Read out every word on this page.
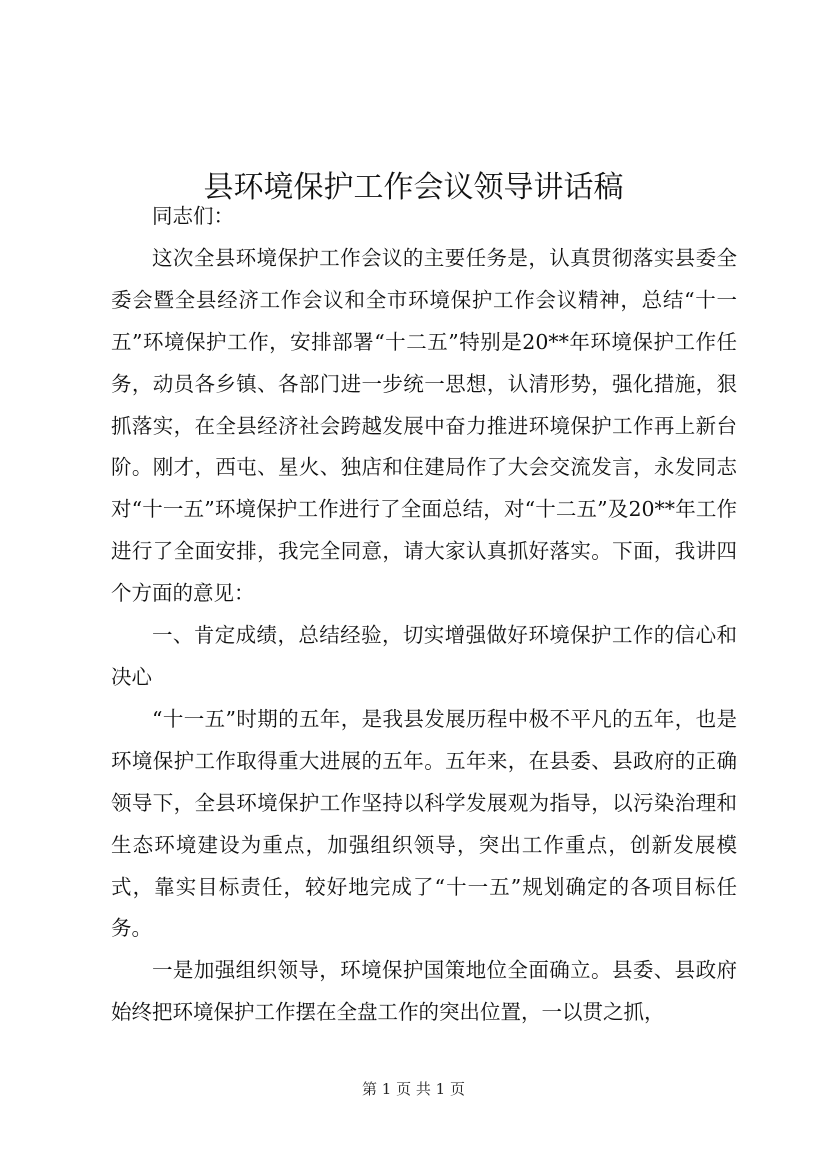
县环境保护工作会议领导讲话稿

同志们：

这次全县环境保护工作会议的主要任务是，认真贯彻落实县委全委会暨全县经济工作会议和全市环境保护工作会议精神，总结“十一五”环境保护工作，安排部署“十二五”特别是20**年环境保护工作任务，动员各乡镇、各部门进一步统一思想，认清形势，强化措施，狠抓落实，在全县经济社会跨越发展中奋力推进环境保护工作再上新台阶。刚才，西屯、星火、独店和住建局作了大会交流发言，永发同志对“十一五”环境保护工作进行了全面总结，对“十二五”及20**年工作进行了全面安排，我完全同意，请大家认真抓好落实。下面，我讲四个方面的意见：

一、肯定成绩，总结经验，切实增强做好环境保护工作的信心和决心

“十一五”时期的五年，是我县发展历程中极不平凡的五年，也是环境保护工作取得重大进展的五年。五年来，在县委、县政府的正确领导下，全县环境保护工作坚持以科学发展观为指导，以污染治理和生态环境建设为重点，加强组织领导，突出工作重点，创新发展模式，靠实目标责任，较好地完成了“十一五”规划确定的各项目标任务。

一是加强组织领导，环境保护国策地位全面确立。县委、县政府始终把环境保护工作摆在全盘工作的突出位置，一以贯之抓，

第 1 页 共 1 页
